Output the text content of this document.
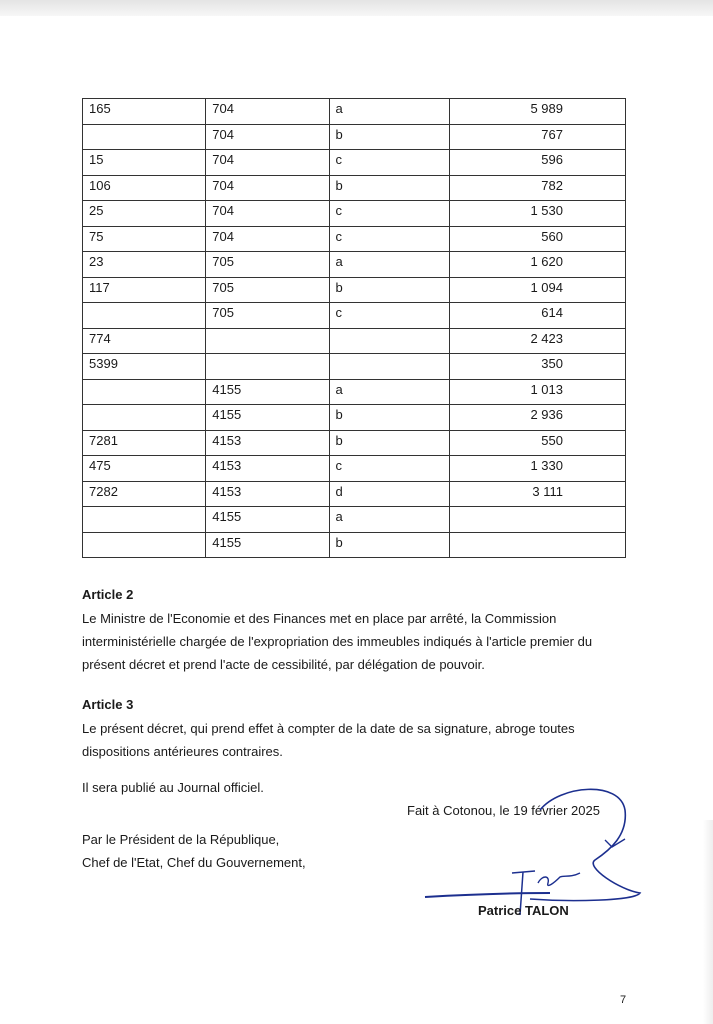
165	704	a	5 989
	704	b	767
15	704	c	596
106	704	b	782
25	704	c	1 530
75	704	c	560
23	705	a	1 620
117	705	b	1 094
	705	c	614
774			2 423
5399			350
	4155	a	1 013
	4155	b	2 936
7281	4153	b	550
475	4153	c	1 330
7282	4153	d	3 111
	4155	a	
	4155	b	
Article 2
Le Ministre de l'Economie et des Finances met en place par arrêté, la Commission interministérielle chargée de l'expropriation des immeubles indiqués à l'article premier du présent décret et prend l'acte de cessibilité, par délégation de pouvoir.
Article 3
Le présent décret, qui prend effet à compter de la date de sa signature, abroge toutes dispositions antérieures contraires.
Il sera publié au Journal officiel.
Fait à Cotonou, le 19 février 2025
Par le Président de la République,
Chef de l'Etat, Chef du Gouvernement,
Patrice TALON
7
